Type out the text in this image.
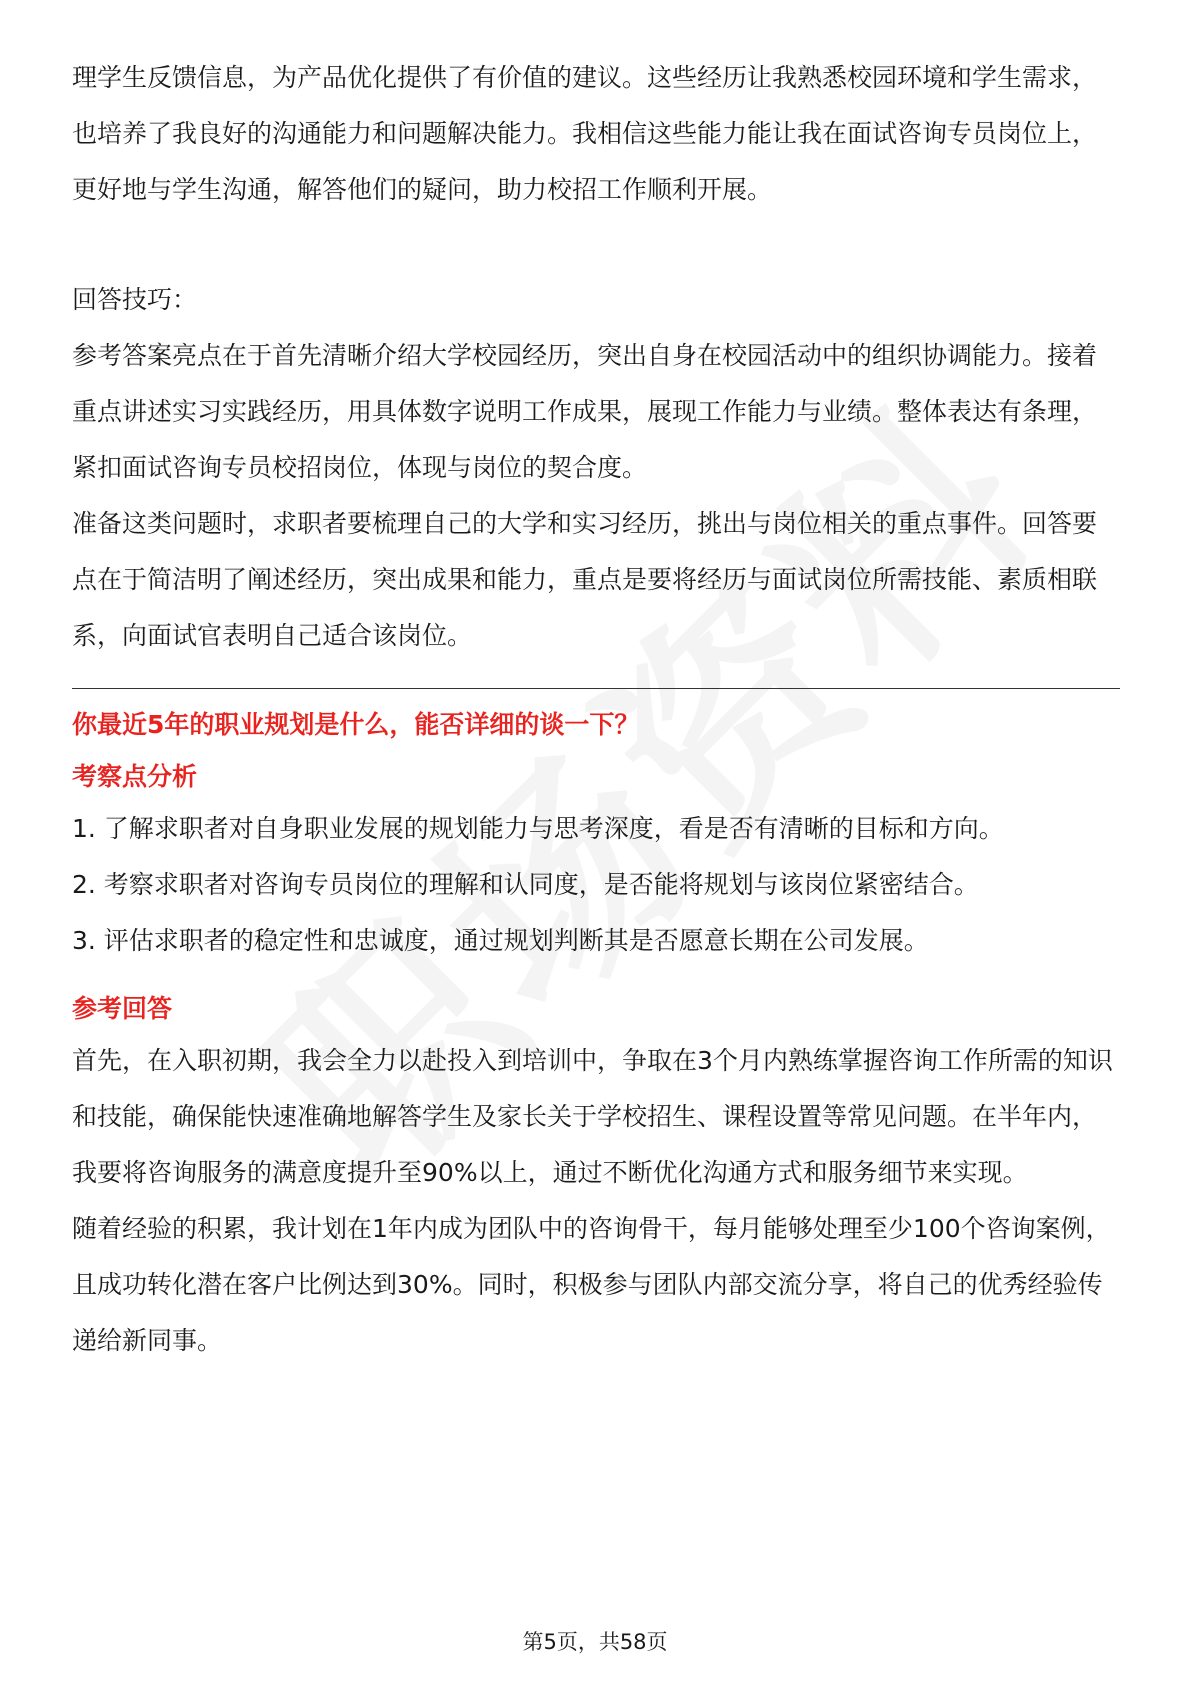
理学生反馈信息，为产品优化提供了有价值的建议。这些经历让我熟悉校园环境和学生需求，也培养了我良好的沟通能力和问题解决能力。我相信这些能力能让我在面试咨询专员岗位上，更好地与学生沟通，解答他们的疑问，助力校招工作顺利开展。

回答技巧：

参考答案亮点在于首先清晰介绍大学校园经历，突出自身在校园活动中的组织协调能力。接着重点讲述实习实践经历，用具体数字说明工作成果，展现工作能力与业绩。整体表达有条理，紧扣面试咨询专员校招岗位，体现与岗位的契合度。

准备这类问题时，求职者要梳理自己的大学和实习经历，挑出与岗位相关的重点事件。回答要点在于简洁明了阐述经历，突出成果和能力，重点是要将经历与面试岗位所需技能、素质相联系，向面试官表明自己适合该岗位。

你最近5年的职业规划是什么，能否详细的谈一下？

考察点分析

1. 了解求职者对自身职业发展的规划能力与思考深度，看是否有清晰的目标和方向。

2. 考察求职者对咨询专员岗位的理解和认同度，是否能将规划与该岗位紧密结合。

3. 评估求职者的稳定性和忠诚度，通过规划判断其是否愿意长期在公司发展。

参考回答

首先，在入职初期，我会全力以赴投入到培训中，争取在3个月内熟练掌握咨询工作所需的知识和技能，确保能快速准确地解答学生及家长关于学校招生、课程设置等常见问题。在半年内，我要将咨询服务的满意度提升至90%以上，通过不断优化沟通方式和服务细节来实现。

随着经验的积累，我计划在1年内成为团队中的咨询骨干，每月能够处理至少100个咨询案例，且成功转化潜在客户比例达到30%。同时，积极参与团队内部交流分享，将自己的优秀经验传递给新同事。

第5页，共58页
